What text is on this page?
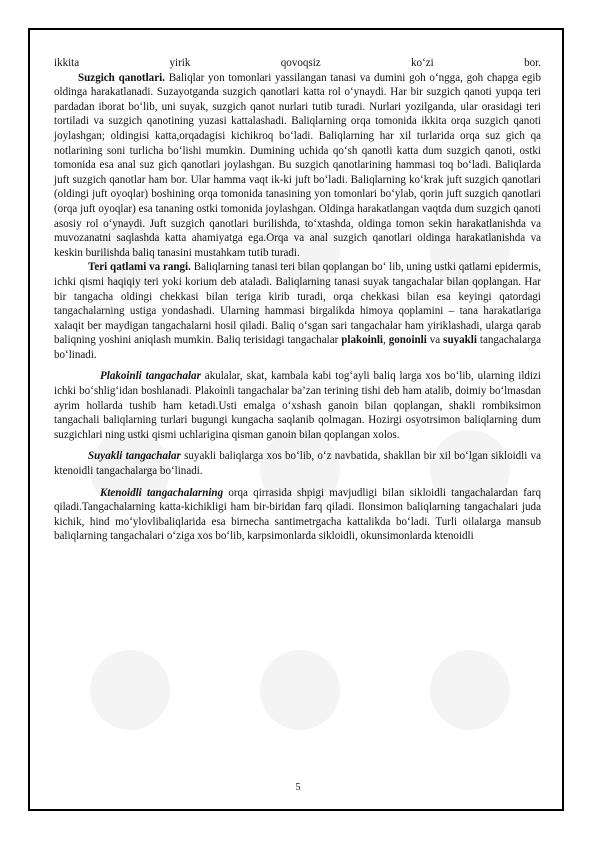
ikkita yirik qovoqsiz ko‘zi bor.

Suzgich qanotlari. Baliqlar yon tomonlari yassilangan tanasi va dumini goh o‘ngga, goh chapga egib oldinga harakatlanadi. Suzayotganda suzgich qanotlari katta rol o‘ynaydi. Har bir suzgich qanoti yupqa teri pardadan iborat bo‘lib, uni suyak, suzgich qanot nurlari tutib turadi. Nurlari yozilganda, ular orasidagi teri tortiladi va suzgich qanotining yuzasi kattalashadi. Baliqlarning orqa tomonida ikkita orqa suzgich qanoti joylashgan; oldingisi katta,orqadagisi kichikroq bo‘ladi. Baliqlarning har xil turlarida orqa suz gich qa notlarining soni turlicha bo‘lishi mumkin. Dumining uchida qo‘sh qanotli katta dum suzgich qanoti, ostki tomonida esa anal suz gich qanotlari joylashgan. Bu suzgich qanotlarining hammasi toq bo‘ladi. Baliqlarda juft suzgich qanotlar ham bor. Ular hamma vaqt ik-ki juft bo‘ladi. Baliqlarning ko‘krak juft suzgich qanotlari (oldingi juft oyoqlar) boshining orqa tomonida tanasining yon tomonlari bo‘ylab, qorin juft suzgich qanotlari (orqa juft oyoqlar) esa tananing ostki tomonida joylashgan. Oldinga harakatlangan vaqtda dum suzgich qanoti asosiy rol o‘ynaydi. Juft suzgich qanotlari burilishda, to‘xtashda, oldinga tomon sekin harakatlanishda va muvozanatni saqlashda katta ahamiyatga ega.Orqa va anal suzgich qanotlari oldinga harakatlanishda va keskin burilishda baliq tanasini mustahkam tutib turadi.

Teri qatlami va rangi. Baliqlarning tanasi teri bilan qoplangan bo‘ lib, uning ustki qatlami epidermis, ichki qismi haqiqiy teri yoki korium deb ataladi. Baliqlarning tanasi suyak tangachalar bilan qoplangan. Har bir tangacha oldingi chekkasi bilan teriga kirib turadi, orqa chekkasi bilan esa keyingi qatordagi tangachalarning ustiga yondashadi. Ularning hammasi birgalikda himoya qoplamini – tana harakatlariga xalaqit ber maydigan tangachalarni hosil qiladi. Baliq o‘sgan sari tangachalar ham yiriklashadi, ularga qarab baliqning yoshini aniqlash mumkin. Baliq terisidagi tangachalar plakoinli, gonoinli va suyakli tangachalarga bo‘linadi.

Plakoinli tangachalar akulalar, skat, kambala kabi tog‘ayli baliq larga xos bo‘lib, ularning ildizi ichki bo‘shlig‘idan boshlanadi. Plakoinli tangachalar ba’zan terining tishi deb ham atalib, doimiy bo‘lmasdan ayrim hollarda tushib ham ketadi.Usti emalga o‘xshash ganoin bilan qoplangan, shakli rombiksimon tangachali baliqlarning turlari bugungi kungacha saqlanib qolmagan. Hozirgi osyotrsimon baliqlarning dum suzgichlari ning ustki qismi uchlarigina qisman ganoin bilan qoplangan xolos.

Suyakli tangachalar suyakli baliqlarga xos bo‘lib, o‘z navbatida, shakllan bir xil bo‘lgan sikloidli va ktenoidli tangachalarga bo‘linadi.

Ktenoidli tangachalarning orqa qirrasida shpigi mavjudligi bilan sikloidli tangachalardan farq qiladi.Tangachalarning katta-kichikligi ham bir-biridan farq qiladi. Ilonsimon baliqlarning tangachalari juda kichik, hind mo‘ylovlibaliqlarida esa birnecha santimetrgacha kattalikda bo‘ladi. Turli oilalarga mansub baliqlarning tangachalari o‘ziga xos bo‘lib, karpsimonlarda sikloidli, okunsimonlarda ktenoidli

5
